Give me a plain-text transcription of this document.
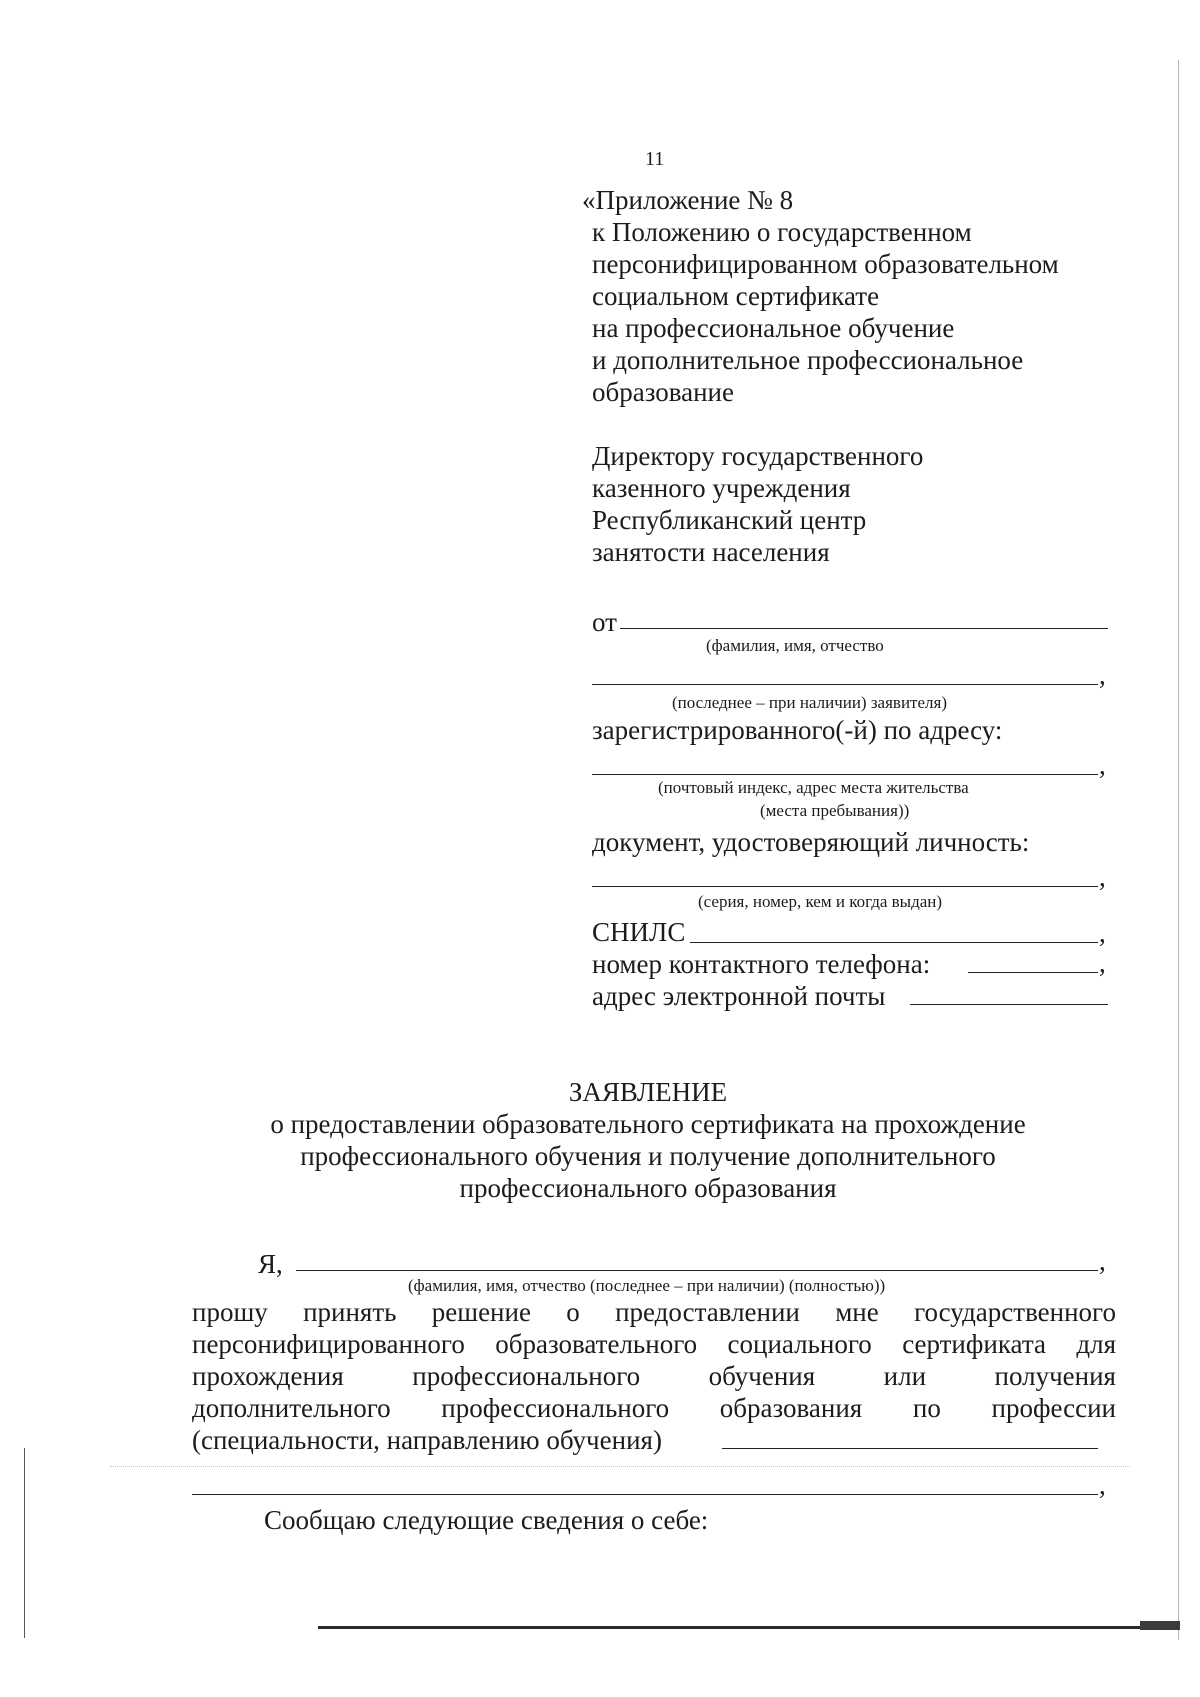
11
«Приложение № 8
к Положению о государственном
персонифицированном образовательном
социальном сертификате
на профессиональное обучение
и дополнительное профессиональное
образование
Директору государственного
казенного учреждения
Республиканский центр
занятости населения
от
(фамилия, имя, отчество
,
(последнее – при наличии) заявителя)
зарегистрированного(-й) по адресу:
,
(почтовый индекс, адрес места жительства
(места пребывания))
документ, удостоверяющий личность:
,
(серия, номер, кем и когда выдан)
СНИЛС	,
номер контактного телефона:	,
адрес электронной почты
ЗАЯВЛЕНИЕ
о предоставлении образовательного сертификата на прохождение
профессионального обучения и получение дополнительного
профессионального образования
Я,	,
(фамилия, имя, отчество (последнее – при наличии) (полностью))
прошу принять решение о предоставлении мне государственного
персонифицированного образовательного социального сертификата для
прохождения	профессионального	обучения	или	получения
дополнительного профессионального образования по профессии
(специальности, направлению обучения)
,
Сообщаю следующие сведения о себе:
